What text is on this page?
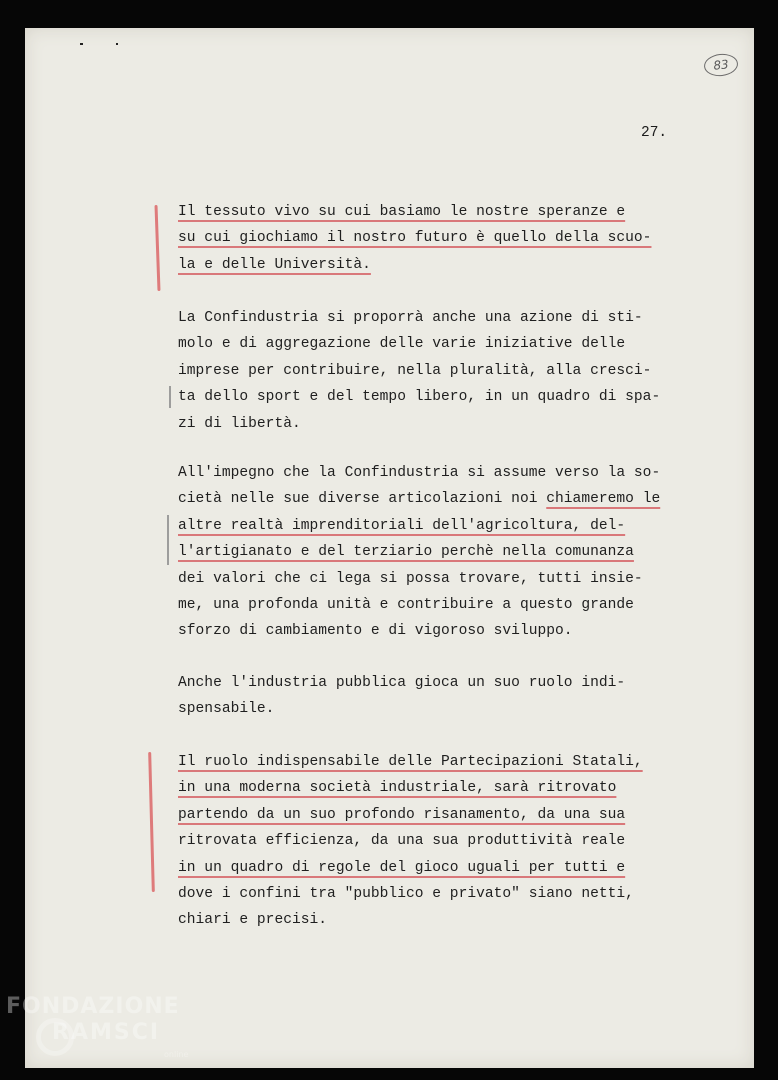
83
27.
Il tessuto vivo su cui basiamo le nostre speranze e
su cui giochiamo il nostro futuro è quello della scuo-
la e delle Università.
La Confindustria si proporrà anche una azione di sti-
molo e di aggregazione delle varie iniziative delle
imprese per contribuire, nella pluralità, alla cresci-
ta dello sport e del tempo libero, in un quadro di spa-
zi di libertà.
All'impegno che la Confindustria si assume verso la so-
cietà nelle sue diverse articolazioni noi chiameremo le
altre realtà imprenditoriali dell'agricoltura, del-
l'artigianato e del terziario perchè nella comunanza
dei valori che ci lega si possa trovare, tutti insie-
me, una profonda unità e contribuire a questo grande
sforzo di cambiamento e di vigoroso sviluppo.
Anche l'industria pubblica gioca un suo ruolo indi-
spensabile.
Il ruolo indispensabile delle Partecipazioni Statali,
in una moderna società industriale, sarà ritrovato
partendo da un suo profondo risanamento, da una sua
ritrovata efficienza, da una sua produttività reale
in un quadro di regole del gioco uguali per tutti e
dove i confini tra "pubblico e privato" siano netti,
chiari e precisi.
FONDAZIONE
RAMSCI
online
